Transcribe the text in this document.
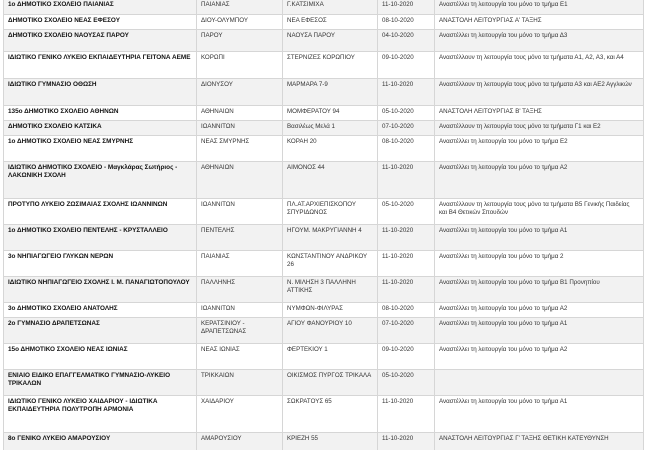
1ο ΔΗΜΟΤΙΚΟ ΣΧΟΛΕΙΟ ΠΑΙΑΝΙΑΣ	ΠΑΙΑΝΙΑΣ	Γ.ΚΑΤΣΙΜΙΧΑ	11-10-2020	Αναστέλλει τη λειτουργία του μόνο το τμήμα Ε1
ΔΗΜΟΤΙΚΟ ΣΧΟΛΕΙΟ ΝΕΑΣ ΕΦΕΣΟΥ	ΔΙΟΥ-ΟΛΥΜΠΟΥ	ΝΕΑ ΕΦΕΣΟΣ	08-10-2020	ΑΝΑΣΤΟΛΗ ΛΕΙΤΟΥΡΓΙΑΣ Α' ΤΑΞΗΣ
ΔΗΜΟΤΙΚΟ ΣΧΟΛΕΙΟ ΝΑΟΥΣΑΣ ΠΑΡΟΥ	ΠΑΡΟΥ	ΝΑΟΥΣΑ ΠΑΡΟΥ	04-10-2020	Αναστέλλει τη λειτουργία του μόνο το τμήμα Δ3
ΙΔΙΩΤΙΚΟ ΓΕΝΙΚΟ ΛΥΚΕΙΟ ΕΚΠΑΙΔΕΥΤΗΡΙΑ ΓΕΙΤΟΝΑ ΑΕΜΕ	ΚΟΡΩΠΙ	ΣΤΕΡΝΙΖΕΣ ΚΟΡΩΠΙΟΥ	09-10-2020	Αναστέλλουν τη λειτουργία τους μόνο τα τμήματα Α1, Α2, Α3, και Α4
ΙΔΙΩΤΙΚΟ ΓΥΜΝΑΣΙΟ ΟΘΩΣΗ	ΔΙΟΝΥΣΟΥ	ΜΑΡΜΑΡΑ 7-9	11-10-2020	Αναστέλλουν τη λειτουργία τους μόνο τα τμήματα Α3 και ΑΕ2 Αγγλικών
135ο ΔΗΜΟΤΙΚΟ ΣΧΟΛΕΙΟ ΑΘΗΝΩΝ	ΑΘΗΝΑΙΩΝ	ΜΟΜΦΕΡΑΤΟΥ 94	05-10-2020	ΑΝΑΣΤΟΛΗ ΛΕΙΤΟΥΡΓΙΑΣ Β' ΤΑΞΗΣ
ΔΗΜΟΤΙΚΟ ΣΧΟΛΕΙΟ ΚΑΤΣΙΚΑ	ΙΩΑΝΝΙΤΩΝ	Βασιλέως Μελά 1	07-10-2020	Αναστέλλουν τη λειτουργία τους μόνο τα τμήματα Γ1 και Ε2
1ο ΔΗΜΟΤΙΚΟ ΣΧΟΛΕΙΟ ΝΕΑΣ ΣΜΥΡΝΗΣ	ΝΕΑΣ ΣΜΥΡΝΗΣ	ΚΟΡΑΗ 20	08-10-2020	Αναστέλλει τη λειτουργία του μόνο το τμήμα Ε2
ΙΔΙΩΤΙΚΟ ΔΗΜΟΤΙΚΟ ΣΧΟΛΕΙΟ - Μαγκλάρας Σωτήριος - ΛΑΚΩΝΙΚΗ ΣΧΟΛΗ	ΑΘΗΝΑΙΩΝ	ΑΙΜΟΝΟΣ 44	11-10-2020	Αναστέλλει τη λειτουργία του μόνο το τμήμα Α2
ΠΡΟΤΥΠΟ ΛΥΚΕΙΟ ΖΩΣΙΜΑΙΑΣ ΣΧΟΛΗΣ ΙΩΑΝΝΙΝΩΝ	ΙΩΑΝΝΙΤΩΝ	ΠΛ.ΑΤ.ΑΡΧΙΕΠΙΣΚΟΠΟΥ ΣΠΥΡΙΔΩΝΟΣ	05-10-2020	Αναστέλλουν τη λειτουργία τους μόνο τα τμήματα Β5 Γενικής Παιδείας και Β4 Θετικών Σπουδών
1ο ΔΗΜΟΤΙΚΟ ΣΧΟΛΕΙΟ ΠΕΝΤΕΛΗΣ - ΚΡΥΣΤΑΛΛΕΙΟ	ΠΕΝΤΕΛΗΣ	ΗΓΟΥΜ. ΜΑΚΡΥΓΙΑΝΝΗ 4	11-10-2020	Αναστέλλει τη λειτουργία του μόνο το τμήμα Α1
3ο ΝΗΠΙΑΓΩΓΕΙΟ ΓΛΥΚΩΝ ΝΕΡΩΝ	ΠΑΙΑΝΙΑΣ	ΚΩΝΣΤΑΝΤΙΝΟΥ ΑΝΔΡΙΚΟΥ 26	11-10-2020	Αναστέλλει τη λειτουργία του μόνο το τμήμα 2
ΙΔΙΩΤΙΚΟ ΝΗΠΙΑΓΩΓΕΙΟ ΣΧΟΛΗΣ Ι. Μ. ΠΑΝΑΓΙΩΤΟΠΟΥΛΟΥ	ΠΑΛΛΗΝΗΣ	Ν. ΜΙΛΗΣΗ 3 ΠΑΛΛΗΝΗ ΑΤΤΙΚΗΣ	11-10-2020	Αναστέλλει τη λειτουργία του μόνο το τμήμα Β1 Προνηπίου
3ο ΔΗΜΟΤΙΚΟ ΣΧΟΛΕΙΟ ΑΝΑΤΟΛΗΣ	ΙΩΑΝΝΙΤΩΝ	ΝΥΜΦΩΝ-ΦΙΛΥΡΑΣ	08-10-2020	Αναστέλλει τη λειτουργία του μόνο το τμήμα Α2
2ο ΓΥΜΝΑΣΙΟ ΔΡΑΠΕΤΣΩΝΑΣ	ΚΕΡΑΤΣΙΝΙΟΥ - ΔΡΑΠΕΤΣΩΝΑΣ	ΑΓΙΟΥ ΦΑΝΟΥΡΙΟΥ 10	07-10-2020	Αναστέλλει τη λειτουργία του μόνο το τμήμα Α1
15ο ΔΗΜΟΤΙΚΟ ΣΧΟΛΕΙΟ ΝΕΑΣ ΙΩΝΙΑΣ	ΝΕΑΣ ΙΩΝΙΑΣ	ΦΕΡΤΕΚΙΟΥ 1	09-10-2020	Αναστέλλει τη λειτουργία του μόνο το τμήμα Α2
ΕΝΙΑΙΟ ΕΙΔΙΚΟ ΕΠΑΓΓΕΛΜΑΤΙΚΟ ΓΥΜΝΑΣΙΟ-ΛΥΚΕΙΟ ΤΡΙΚΑΛΩΝ	ΤΡΙΚΚΑΙΩΝ	ΟΙΚΙΣΜΟΣ ΠΥΡΓΟΣ ΤΡΙΚΑΛΑ	05-10-2020	
ΙΔΙΩΤΙΚΟ ΓΕΝΙΚΟ ΛΥΚΕΙΟ ΧΑΙΔΑΡΙΟΥ - ΙΔΙΩΤΙΚΑ ΕΚΠΑΙΔΕΥΤΗΡΙΑ ΠΟΛΥΤΡΟΠΗ ΑΡΜΟΝΙΑ	ΧΑΙΔΑΡΙΟΥ	ΣΩΚΡΑΤΟΥΣ 65	11-10-2020	Αναστέλλει τη λειτουργία του μόνο το τμήμα Α1
8ο ΓΕΝΙΚΟ ΛΥΚΕΙΟ ΑΜΑΡΟΥΣΙΟΥ	ΑΜΑΡΟΥΣΙΟΥ	ΚΡΙΕΖΗ 55	11-10-2020	ΑΝΑΣΤΟΛΗ ΛΕΙΤΟΥΡΓΙΑΣ Γ' ΤΑΞΗΣ ΘΕΤΙΚΗ ΚΑΤΕΥΘΥΝΣΗ
